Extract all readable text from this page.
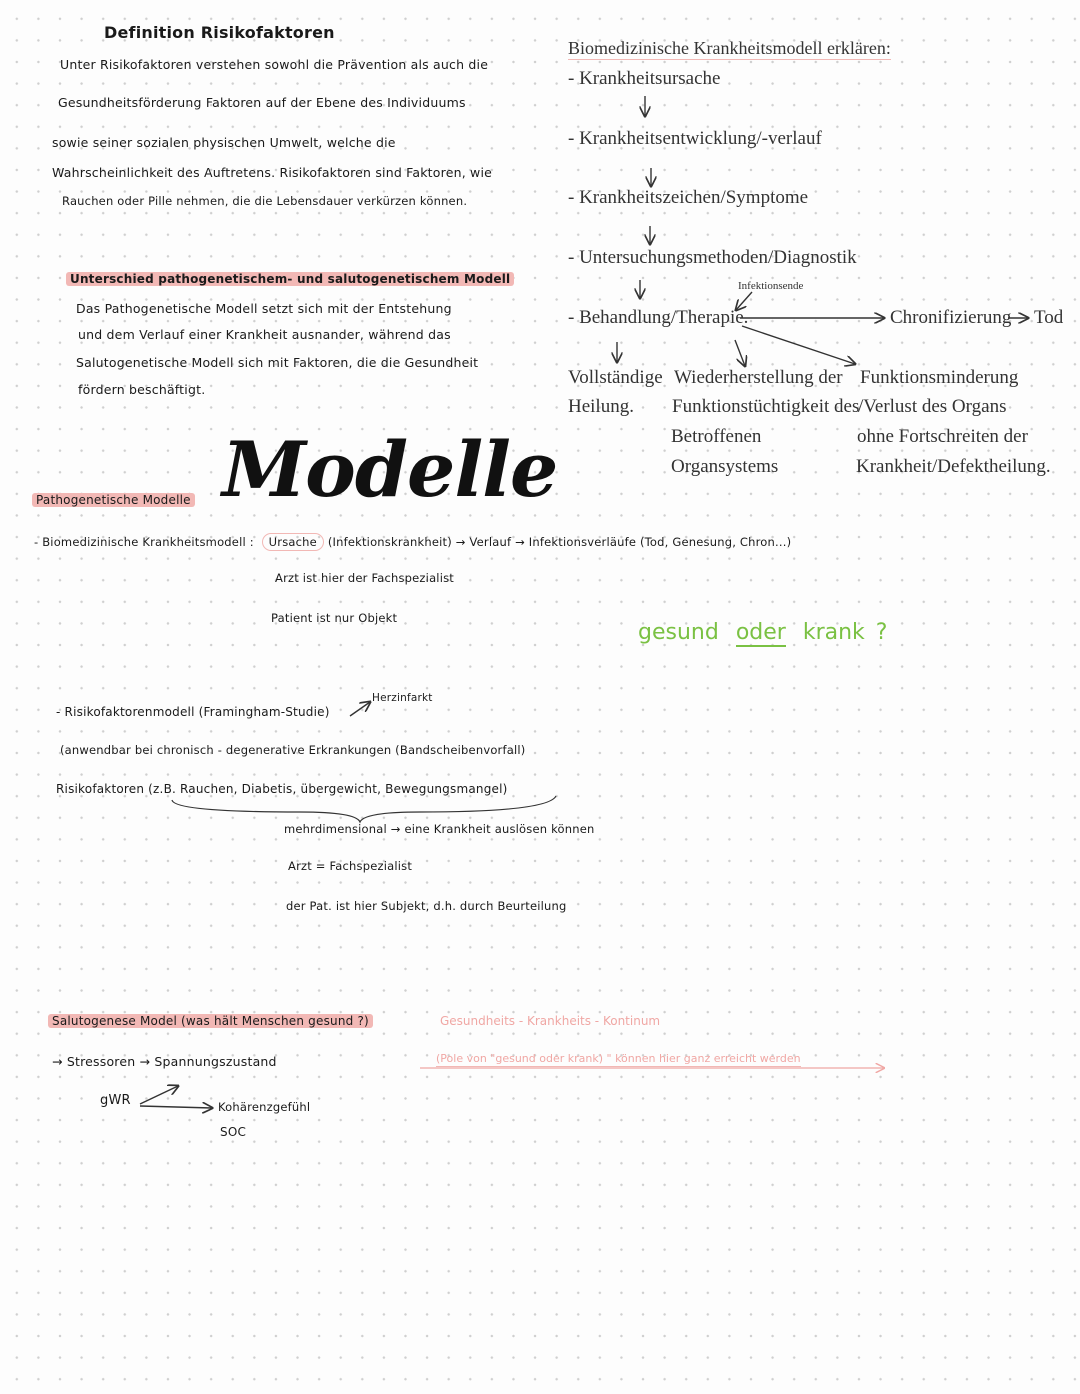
Definition Risikofaktoren
Unter Risikofaktoren verstehen sowohl die Prävention als auch die
Gesundheitsförderung Faktoren auf der Ebene des Individuums
sowie seiner sozialen physischen Umwelt, welche die
Wahrscheinlichkeit des Auftretens. Risikofaktoren sind Faktoren, wie
Rauchen oder Pille nehmen, die die Lebensdauer verkürzen können.
Unterschied pathogenetischem- und salutogenetischem Modell
Das Pathogenetische Modell setzt sich mit der Entstehung
und dem Verlauf einer Krankheit ausnander, während das
Salutogenetische Modell sich mit Faktoren, die die Gesundheit
fördern beschäftigt.
Biomedizinische Krankheitsmodell erklären:
- Krankheitsursache
- Krankheitsentwicklung/-verlauf
- Krankheitszeichen/Symptome
- Untersuchungsmethoden/Diagnostik
- Behandlung/Therapie.
Infektionsende
Chronifizierung Tod
Vollständige
Heilung.
Wiederherstellung der
Funktionstüchtigkeit des
Betroffenen
Organsystems
Funktionsminderung
/Verlust des Organs
ohne Fortschreiten der
Krankheit/Defektheilung.
Modelle
Pathogenetische Modelle
- Biomedizinische Krankheitsmodell : Ursache (Infektionskrankheit) → Verlauf → Infektionsverläufe (Tod, Genesung, Chron...)
Arzt ist hier der Fachspezialist
Patient ist nur Objekt
gesund oder krank ?
Herzinfarkt
- Risikofaktorenmodell (Framingham-Studie)
(anwendbar bei chronisch - degenerative Erkrankungen (Bandscheibenvorfall)
Risikofaktoren (z.B. Rauchen, Diabetis, übergewicht, Bewegungsmangel)
mehrdimensional → eine Krankheit auslösen können
Arzt = Fachspezialist
der Pat. ist hier Subjekt, d.h. durch Beurteilung
Salutogenese Model (was hält Menschen gesund ?)	Gesundheits - Krankheits - Kontinum
(Pole von "gesund oder krank) " können hier ganz erreicht werden
→ Stressoren → Spannungszustand
gWR	Kohärenzgefühl
SOC
